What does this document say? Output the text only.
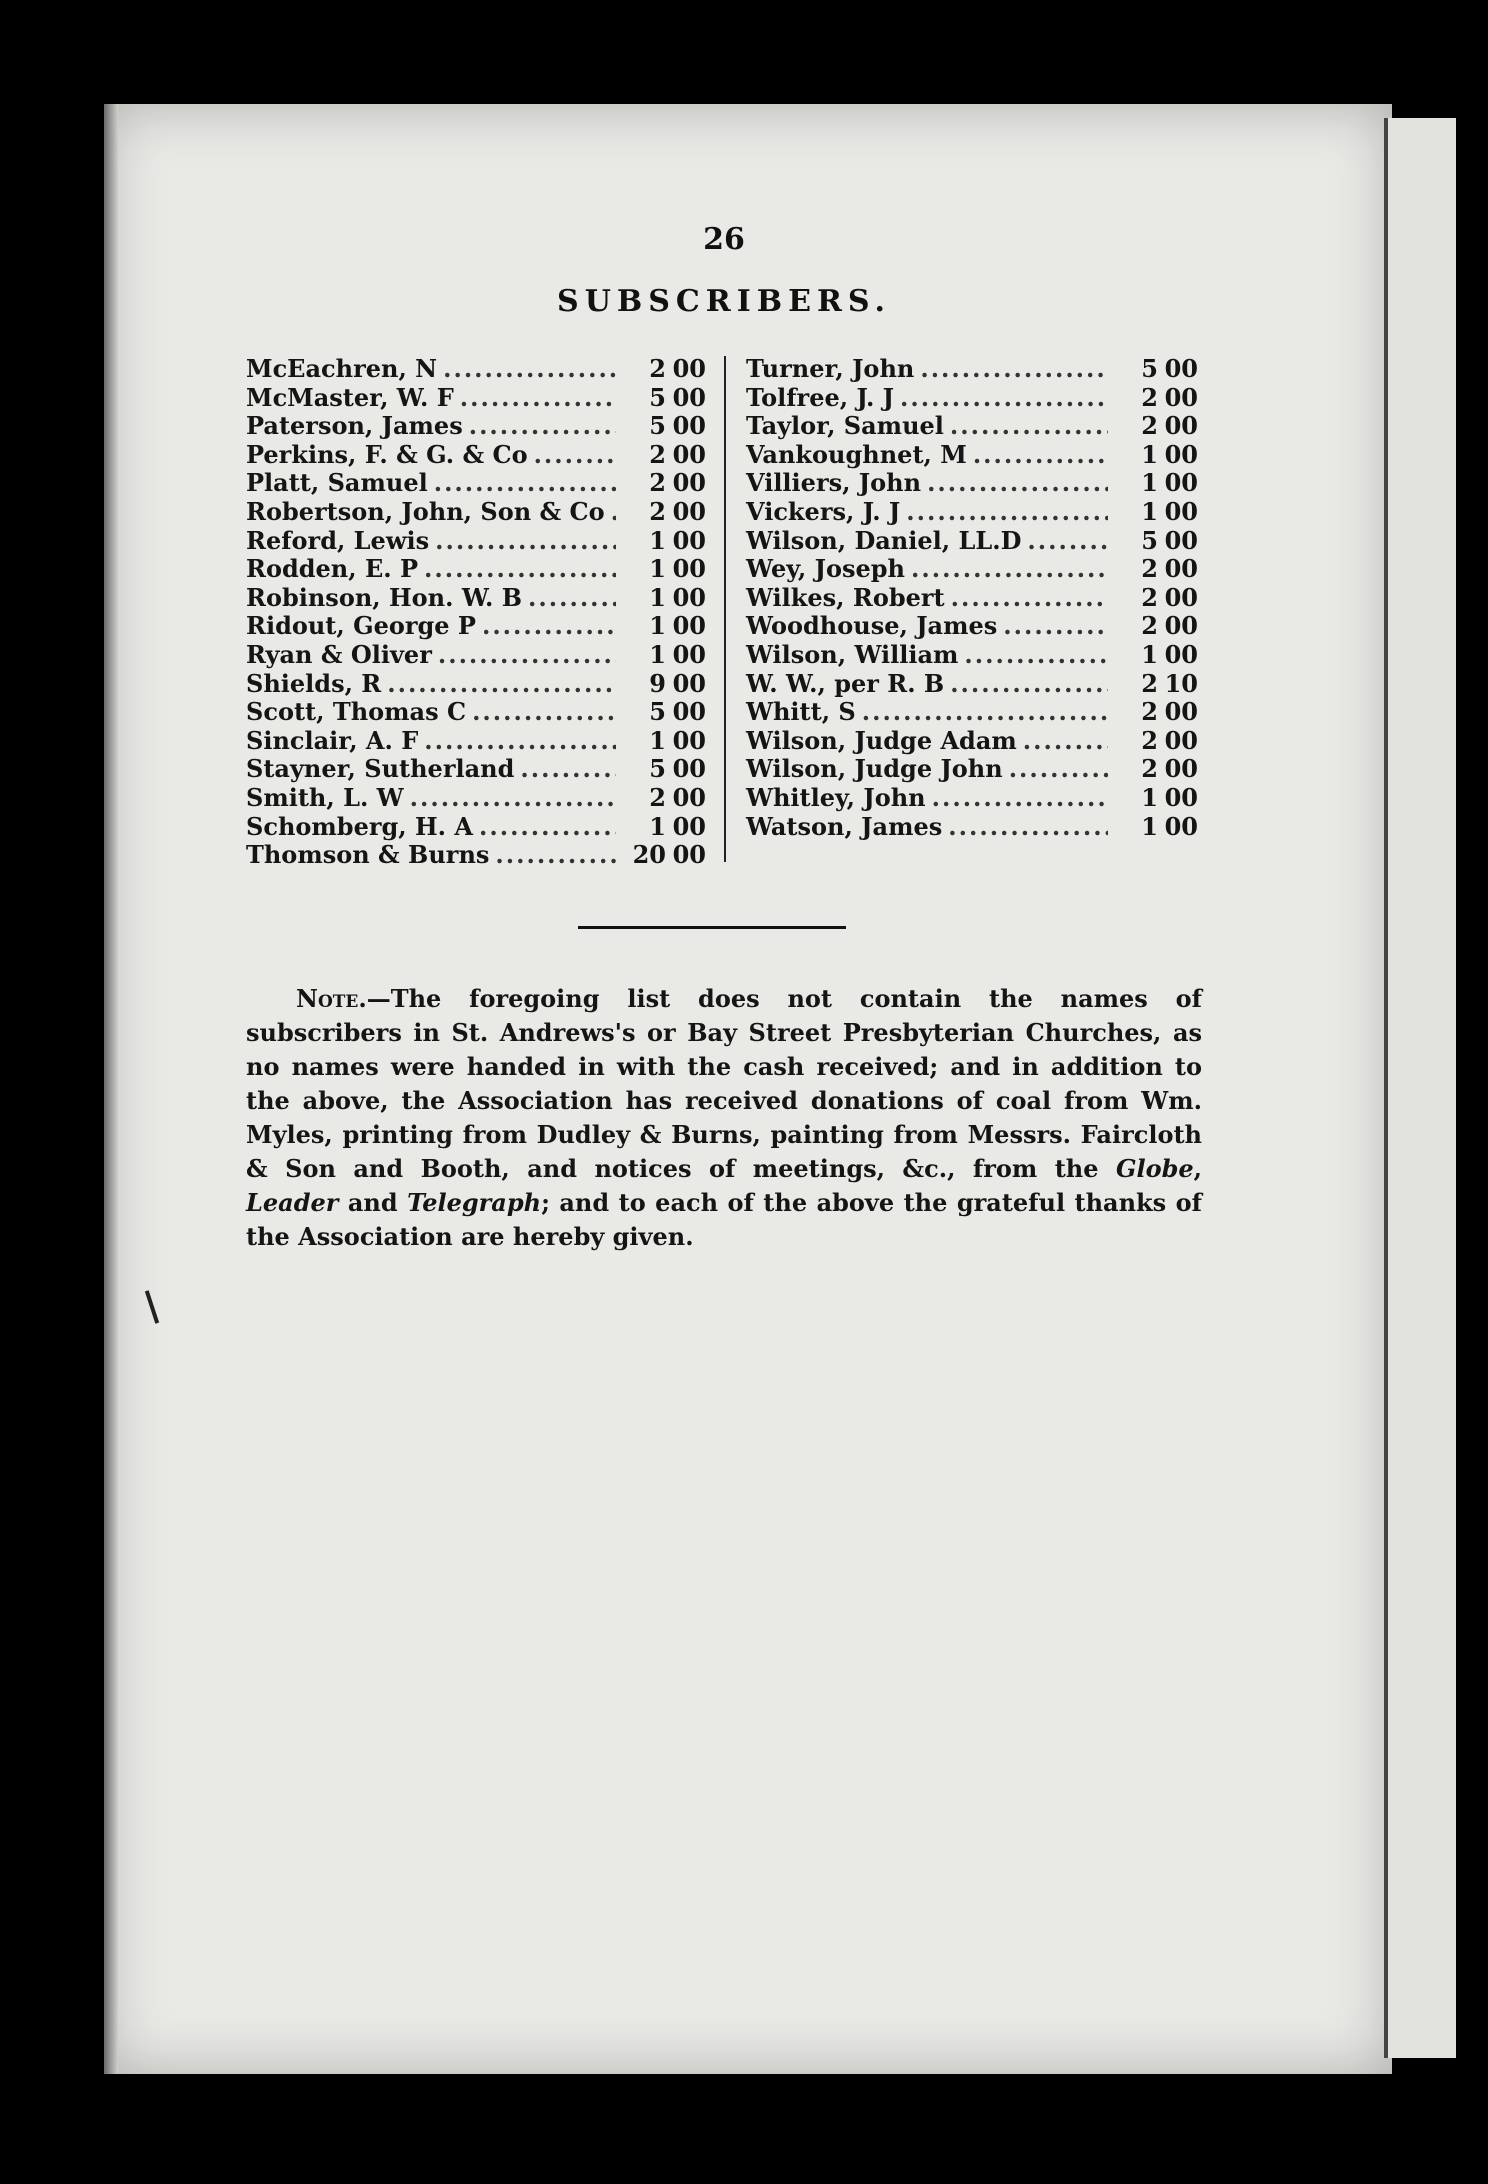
26
SUBSCRIBERS.
McEachren, N .....	2 00
McMaster, W. F .....	5 00
Paterson, James .....	5 00
Perkins, F. & G. & Co .....	2 00
Platt, Samuel .....	2 00
Robertson, John, Son & Co .....	2 00
Reford, Lewis .....	1 00
Rodden, E. P .....	1 00
Robinson, Hon. W. B .....	1 00
Ridout, George P .....	1 00
Ryan & Oliver .....	1 00
Shields, R .....	9 00
Scott, Thomas C .....	5 00
Sinclair, A. F .....	1 00
Stayner, Sutherland .....	5 00
Smith, L. W .....	2 00
Schomberg, H. A .....	1 00
Thomson & Burns .....	20 00
Turner, John .....	5 00
Tolfree, J. J .....	2 00
Taylor, Samuel .....	2 00
Vankoughnet, M .....	1 00
Villiers, John .....	1 00
Vickers, J. J .....	1 00
Wilson, Daniel, LL.D .....	5 00
Wey, Joseph .....	2 00
Wilkes, Robert .....	2 00
Woodhouse, James .....	2 00
Wilson, William .....	1 00
W. W., per R. B .....	2 10
Whitt, S .....	2 00
Wilson, Judge Adam .....	2 00
Wilson, Judge John .....	2 00
Whitley, John .....	1 00
Watson, James .....	1 00
Note.—The foregoing list does not contain the names of subscribers in St. Andrews's or Bay Street Presbyterian Churches, as no names were handed in with the cash received; and in addition to the above, the Association has received donations of coal from Wm. Myles, printing from Dudley & Burns, painting from Messrs. Faircloth & Son and Booth, and notices of meetings, &c., from the Globe, Leader and Telegraph; and to each of the above the grateful thanks of the Association are hereby given.
